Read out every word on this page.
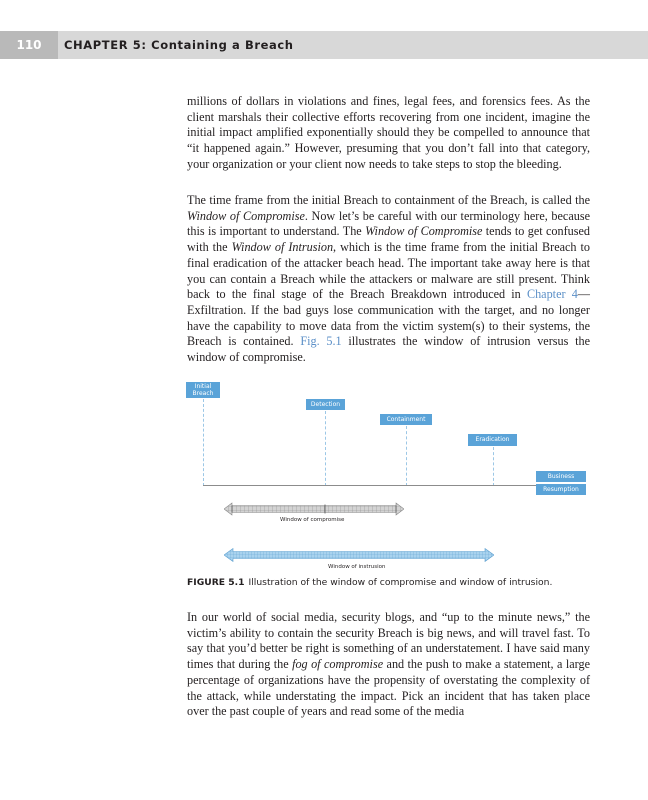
110	CHAPTER 5: Containing a Breach

millions of dollars in violations and fines, legal fees, and forensics fees. As the client marshals their collective efforts recovering from one incident, imagine the initial impact amplified exponentially should they be compelled to announce that “it happened again.” However, presuming that you don’t fall into that category, your organization or your client now needs to take steps to stop the bleeding.

The time frame from the initial Breach to containment of the Breach, is called the Window of Compromise. Now let’s be careful with our terminology here, because this is important to understand. The Window of Compromise tends to get confused with the Window of Intrusion, which is the time frame from the initial Breach to final eradication of the attacker beach head. The important take away here is that you can contain a Breach while the attackers or malware are still present. Think back to the final stage of the Breach Breakdown introduced in Chapter 4—Exfiltration. If the bad guys lose communication with the target, and no longer have the capability to move data from the victim system(s) to their systems, the Breach is contained. Fig. 5.1 illustrates the window of intrusion versus the window of compromise.

Initial
Breach
Detection
Containment
Eradication
Business
Resumption
Window of compromise
Window of instrusion
FIGURE 5.1 Illustration of the window of compromise and window of intrusion.

In our world of social media, security blogs, and “up to the minute news,” the victim’s ability to contain the security Breach is big news, and will travel fast. To say that you’d better be right is something of an understatement. I have said many times that during the fog of compromise and the push to make a statement, a large percentage of organizations have the propensity of overstating the complexity of the attack, while understating the impact. Pick an incident that has taken place over the past couple of years and read some of the media
